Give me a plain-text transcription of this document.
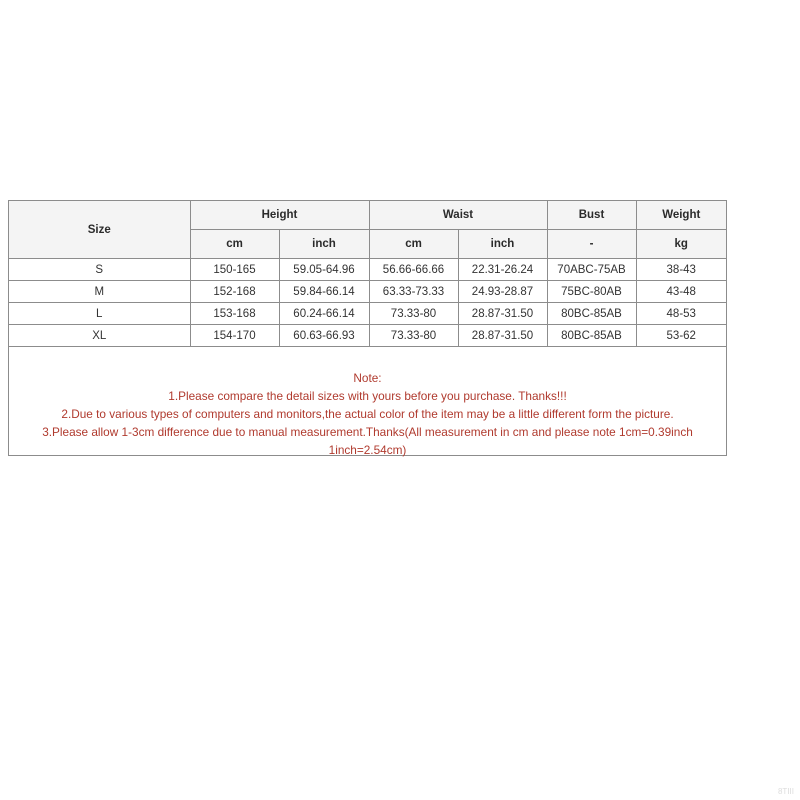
Size	Height		Waist		Bust	Weight
	cm	inch	cm	inch	-	kg
S	150-165	59.05-64.96	56.66-66.66	22.31-26.24	70ABC-75AB	38-43
M	152-168	59.84-66.14	63.33-73.33	24.93-28.87	75BC-80AB	43-48
L	153-168	60.24-66.14	73.33-80	28.87-31.50	80BC-85AB	48-53
XL	154-170	60.63-66.93	73.33-80	28.87-31.50	80BC-85AB	53-62
Note:
1.Please compare the detail sizes with yours before you purchase. Thanks!!!
2.Due to various types of computers and monitors,the actual color of the item may be a little different form the picture.
3.Please allow 1-3cm difference due to manual measurement.Thanks(All measurement in cm and please note 1cm=0.39inch 1inch=2.54cm)
8TIII
